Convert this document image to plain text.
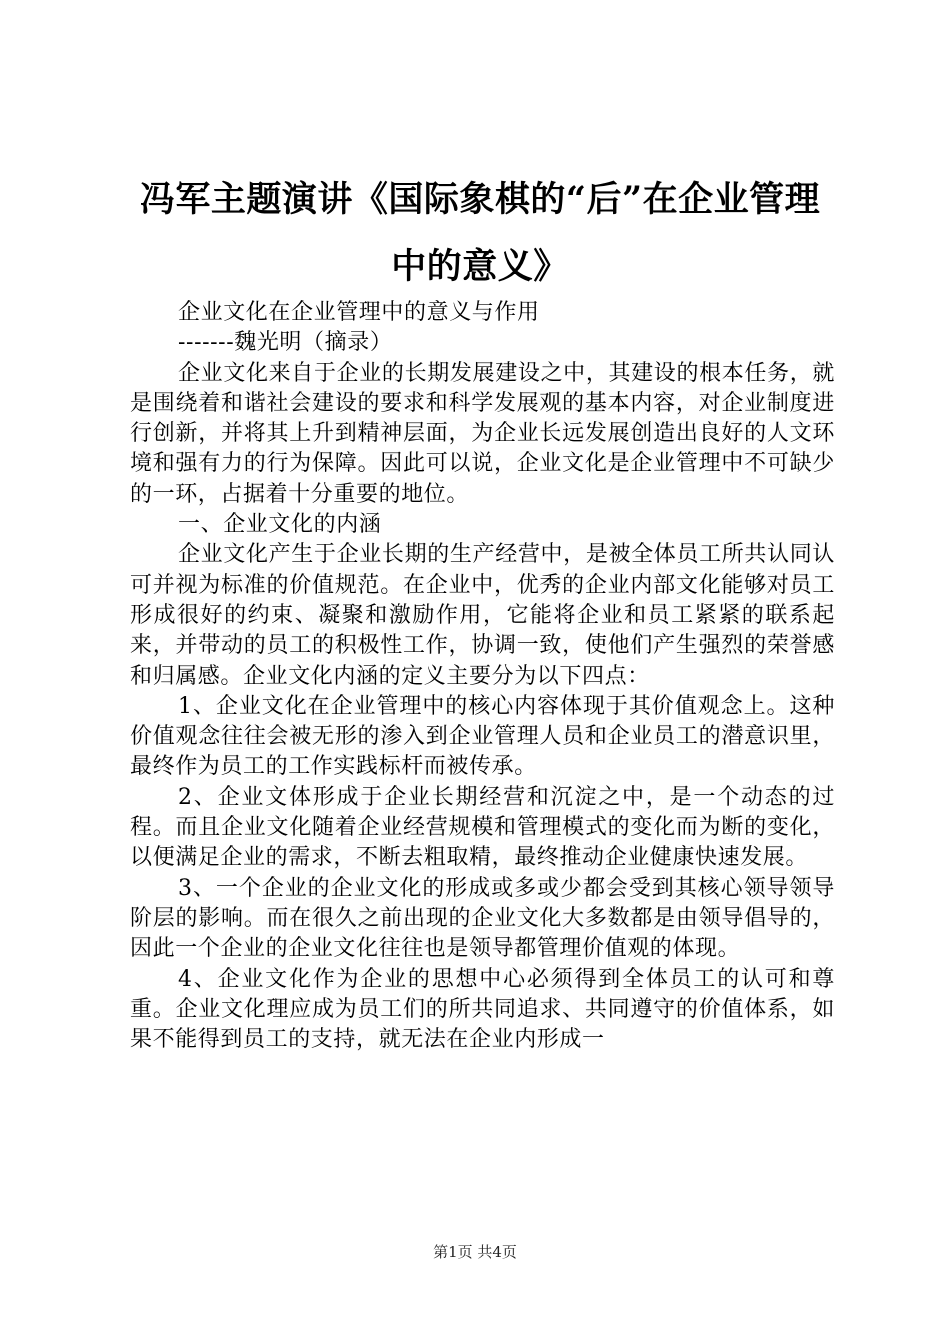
冯军主题演讲《国际象棋的“后”在企业管理
中的意义》

企业文化在企业管理中的意义与作用

-------魏光明（摘录）

企业文化来自于企业的长期发展建设之中，其建设的根本任务，就是围绕着和谐社会建设的要求和科学发展观的基本内容，对企业制度进行创新，并将其上升到精神层面，为企业长远发展创造出良好的人文环境和强有力的行为保障。因此可以说，企业文化是企业管理中不可缺少的一环，占据着十分重要的地位。

一、企业文化的内涵

企业文化产生于企业长期的生产经营中，是被全体员工所共认同认可并视为标准的价值规范。在企业中，优秀的企业内部文化能够对员工形成很好的约束、凝聚和激励作用，它能将企业和员工紧紧的联系起来，并带动的员工的积极性工作，协调一致，使他们产生强烈的荣誉感和归属感。企业文化内涵的定义主要分为以下四点：

1、企业文化在企业管理中的核心内容体现于其价值观念上。这种价值观念往往会被无形的渗入到企业管理人员和企业员工的潜意识里，最终作为员工的工作实践标杆而被传承。

2、企业文体形成于企业长期经营和沉淀之中，是一个动态的过程。而且企业文化随着企业经营规模和管理模式的变化而为断的变化，以便满足企业的需求，不断去粗取精，最终推动企业健康快速发展。

3、一个企业的企业文化的形成或多或少都会受到其核心领导领导阶层的影响。而在很久之前出现的企业文化大多数都是由领导倡导的，因此一个企业的企业文化往往也是领导都管理价值观的体现。

4、企业文化作为企业的思想中心必须得到全体员工的认可和尊重。企业文化理应成为员工们的所共同追求、共同遵守的价值体系，如果不能得到员工的支持，就无法在企业内形成一

第1页 共4页
